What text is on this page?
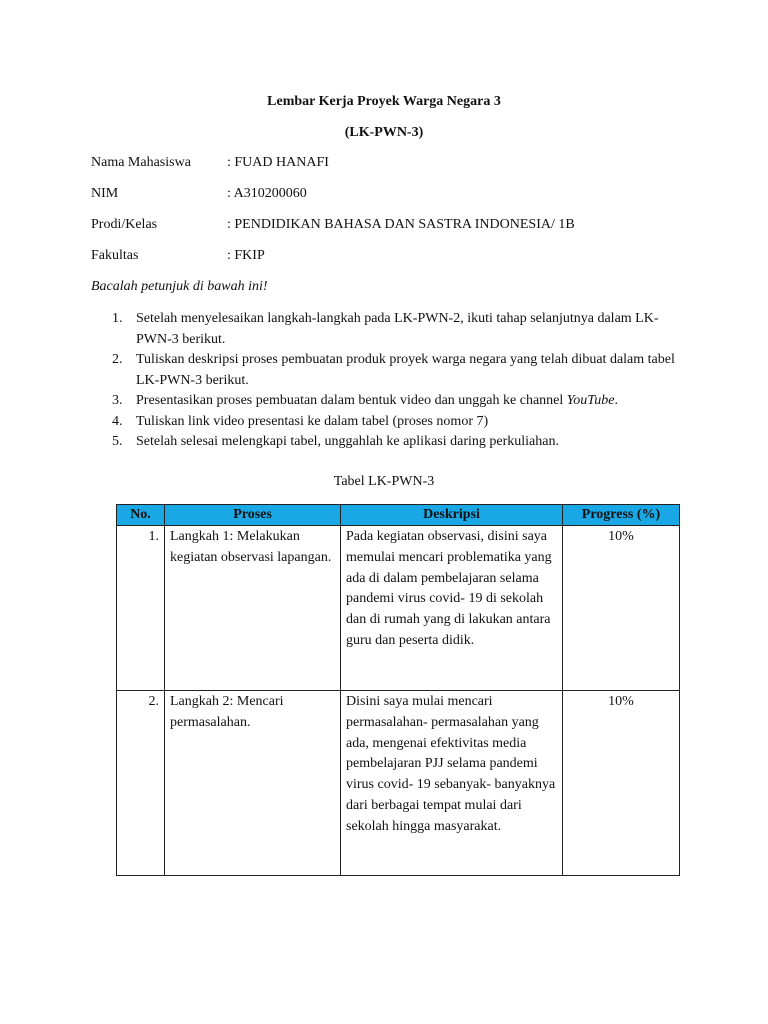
Lembar Kerja Proyek Warga Negara 3
(LK-PWN-3)
Nama Mahasiswa	: FUAD HANAFI
NIM	: A310200060
Prodi/Kelas	: PENDIDIKAN BAHASA DAN SASTRA INDONESIA/ 1B
Fakultas	: FKIP
Bacalah petunjuk di bawah ini!
1. Setelah menyelesaikan langkah-langkah pada LK-PWN-2, ikuti tahap selanjutnya dalam LK-PWN-3 berikut.
2. Tuliskan deskripsi proses pembuatan produk proyek warga negara yang telah dibuat dalam tabel LK-PWN-3 berikut.
3. Presentasikan proses pembuatan dalam bentuk video dan unggah ke channel YouTube.
4. Tuliskan link video presentasi ke dalam tabel (proses nomor 7)
5. Setelah selesai melengkapi tabel, unggahlah ke aplikasi daring perkuliahan.
Tabel LK-PWN-3
No.	Proses	Deskripsi	Progress (%)
1.	Langkah 1: Melakukan kegiatan observasi lapangan.	Pada kegiatan observasi, disini saya memulai mencari problematika yang ada di dalam pembelajaran selama pandemi virus covid- 19 di sekolah dan di rumah yang di lakukan antara guru dan peserta didik.	10%
2.	Langkah 2: Mencari permasalahan.	Disini saya mulai mencari permasalahan- permasalahan yang ada, mengenai efektivitas media pembelajaran PJJ selama pandemi virus covid- 19 sebanyak- banyaknya dari berbagai tempat mulai dari sekolah hingga masyarakat.	10%
